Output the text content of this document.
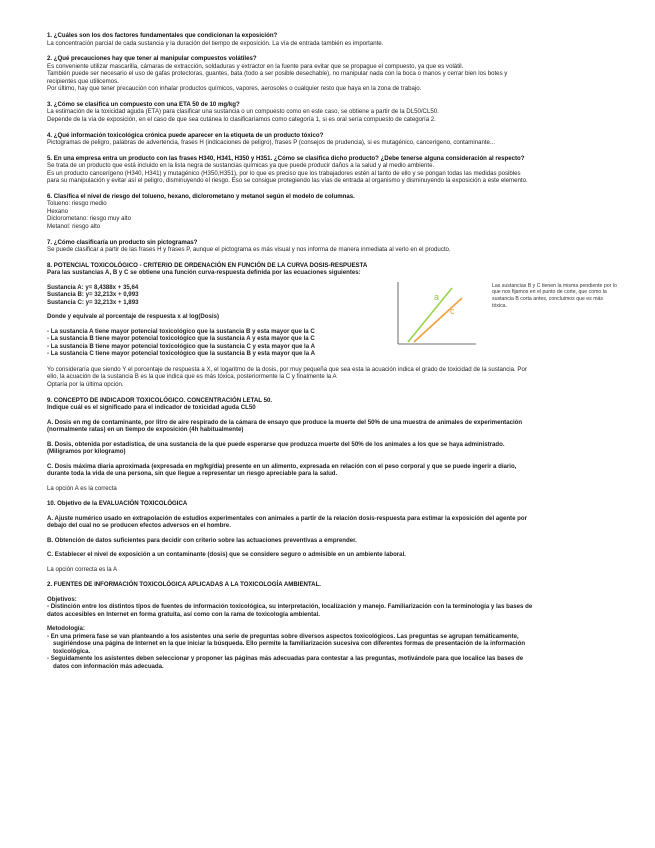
1. ¿Cuáles son los dos factores fundamentales que condicionan la exposición?

La concentración parcial de cada sustancia y la duración del tiempo de exposición. La vía de entrada también es importante.

2. ¿Qué precauciones hay que tener al manipular compuestos volátiles?

Es conveniente utilizar mascarilla, cámaras de extracción, soldaduras y extractor en la fuente para evitar que se propague el compuesto, ya que es volátil.

También puede ser necesario el uso de gafas protectoras, guantes, bata (todo a ser posible desechable), no manipular nada con la boca o manos y cerrar bien los botes y

recipientes que utilicemos.

Por último, hay que tener precaución con inhalar productos químicos, vapores, aerosoles o cualquier resto que haya en la zona de trabajo.

3. ¿Cómo se clasifica un compuesto con una ETA 50 de 10 mg/kg?

La estimación de la toxicidad aguda (ETA) para clasificar una sustancia o un compuesto como en este caso, se obtiene a partir de la DL50/CL50.

Depende de la vía de exposición, en el caso de que sea cutánea lo clasificaríamos como categoría 1, si es oral sería compuesto de categoría 2.

4. ¿Qué información toxicológica crónica puede aparecer en la etiqueta de un producto tóxico?

Pictogramas de peligro, palabras de advertencia, frases H (indicaciones de peligro), frases P (consejos de prudencia), si es mutagénico, cancerígeno, contaminante...

5. En una empresa entra un producto con las frases H340, H341, H350 y H351. ¿Cómo se clasifica dicho producto? ¿Debe tenerse alguna consideración al respecto?

Se trata de un producto que está incluido en la lista negra de sustancias químicas ya que puede producir daños a la salud y al medio ambiente.

Es un producto cancerígeno (H340, H341) y mutagénico (H350,H351), por lo que es preciso que los trabajadores estén al tanto de ello y se pongan todas las medidas posibles

para su manipulación y evitar así el peligro, disminuyendo el riesgo. Eso se consigue protegiendo las vías de entrada al organismo y disminuyendo la exposición a este elemento.

6. Clasifica el nivel de riesgo del tolueno, hexano, diclorometano y metanol según el modelo de columnas.

Tolueno: riesgo medio

Hexano

Diclorometano: riesgo muy alto

Metanol: riesgo alto

7. ¿Cómo clasificaría un producto sin pictogramas?

Se puede clasificar a partir de las frases H y frases P, aunque el pictograma es más visual y nos informa de manera inmediata al verlo en el producto.

8. POTENCIAL TOXICOLÓGICO - CRITERIO DE ORDENACIÓN EN FUNCIÓN DE LA CURVA DOSIS-RESPUESTA

Para las sustancias A, B y C se obtiene una función curva-respuesta definida por las ecuaciones siguientes:

Sustancia A: y= 8,4388x + 35,64

Sustancia B: y= 32,213x + 0,993

Sustancia C: y= 32,213x + 1,893

Donde y equivale al porcentaje de respuesta x al log(Dosis)

- La sustancia A tiene mayor potencial toxicológico que la sustancia B y esta mayor que la C

- La sustancia B tiene mayor potencial toxicológico que la sustancia A y esta mayor que la C

- La sustancia B tiene mayor potencial toxicológico que la sustancia C y esta mayor que la A

- La sustancia C tiene mayor potencial toxicológico que la sustancia B y esta mayor que la A

a
c
Las sustancias B y C tienen la misma pendiente por lo que nos fijamos en el punto de corte, que como la sustancia B corta antes, concluimos que es más tóxica.

Yo consideraría que siendo Y el porcentaje de respuesta a X, el logaritmo de la dosis, por muy pequeña que sea esta la acuación indica el grado de toxicidad de la sustancia. Por

ello, la acuación de la sustancia B es la que indica que es más tóxica, posteriormente la C y finalmente la A

Optaría por la última opción.

9. CONCEPTO DE INDICADOR TOXICOLÓGICO. CONCENTRACIÓN LETAL 50.

Indique cuál es el significado para el indicador de toxicidad aguda CL50

A. Dosis en mg de contaminante, por litro de aire respirado de la cámara de ensayo que produce la muerte del 50% de una muestra de animales de experimentación

(normalmente ratas) en un tiempo de exposición (4h habitualmente)

B. Dosis, obtenida por estadística, de una sustancia de la que puede esperarse que produzca muerte del 50% de los animales a los que se haya administrado.

(Miligramos por kilogramo)

C. Dosis máxima diaria aproximada (expresada en mg/kg/día) presente en un alimento, expresada en relación con el peso corporal y que se puede ingerir a diario,

durante toda la vida de una persona, sin que llegue a representar un riesgo apreciable para la salud.

La opción A es la correcta

10. Objetivo de la EVALUACIÓN TOXICOLÓGICA

A. Ajuste numérico usado en extrapolación de estudios experimentales con animales a partir de la relación dosis-respuesta para estimar la exposición del agente por

debajo del cual no se producen efectos adversos en el hombre.

B. Obtención de datos suficientes para decidir con criterio sobre las actuaciones preventivas a emprender.

C. Establecer el nivel de exposición a un contaminante (dosis) que se considere seguro o admisible en un ambiente laboral.

La opción correcta es la A

2. FUENTES DE INFORMACIÓN TOXICOLÓGICA APLICADAS A LA TOXICOLOGÍA AMBIENTAL.

Objetivos:

- Distinción entre los distintos tipos de fuentes de información toxicológica, su interpretación, localización y manejo. Familiarización con la terminología y las bases de

datos accesibles en Internet en forma gratuita, así como con la rama de toxicología ambiental.

Metodología:

- En una primera fase se van planteando a los asistentes una serie de preguntas sobre diversos aspectos toxicológicos. Las preguntas se agrupan temáticamente,

sugiriéndose una página de Internet en la que iniciar la búsqueda. Ello permite la familiarización sucesiva con diferentes formas de presentación de la información

toxicológica.

- Seguidamente los asistentes deben seleccionar y proponer las páginas más adecuadas para contestar a las preguntas, motivándole para que localice las bases de

datos con información más adecuada.
